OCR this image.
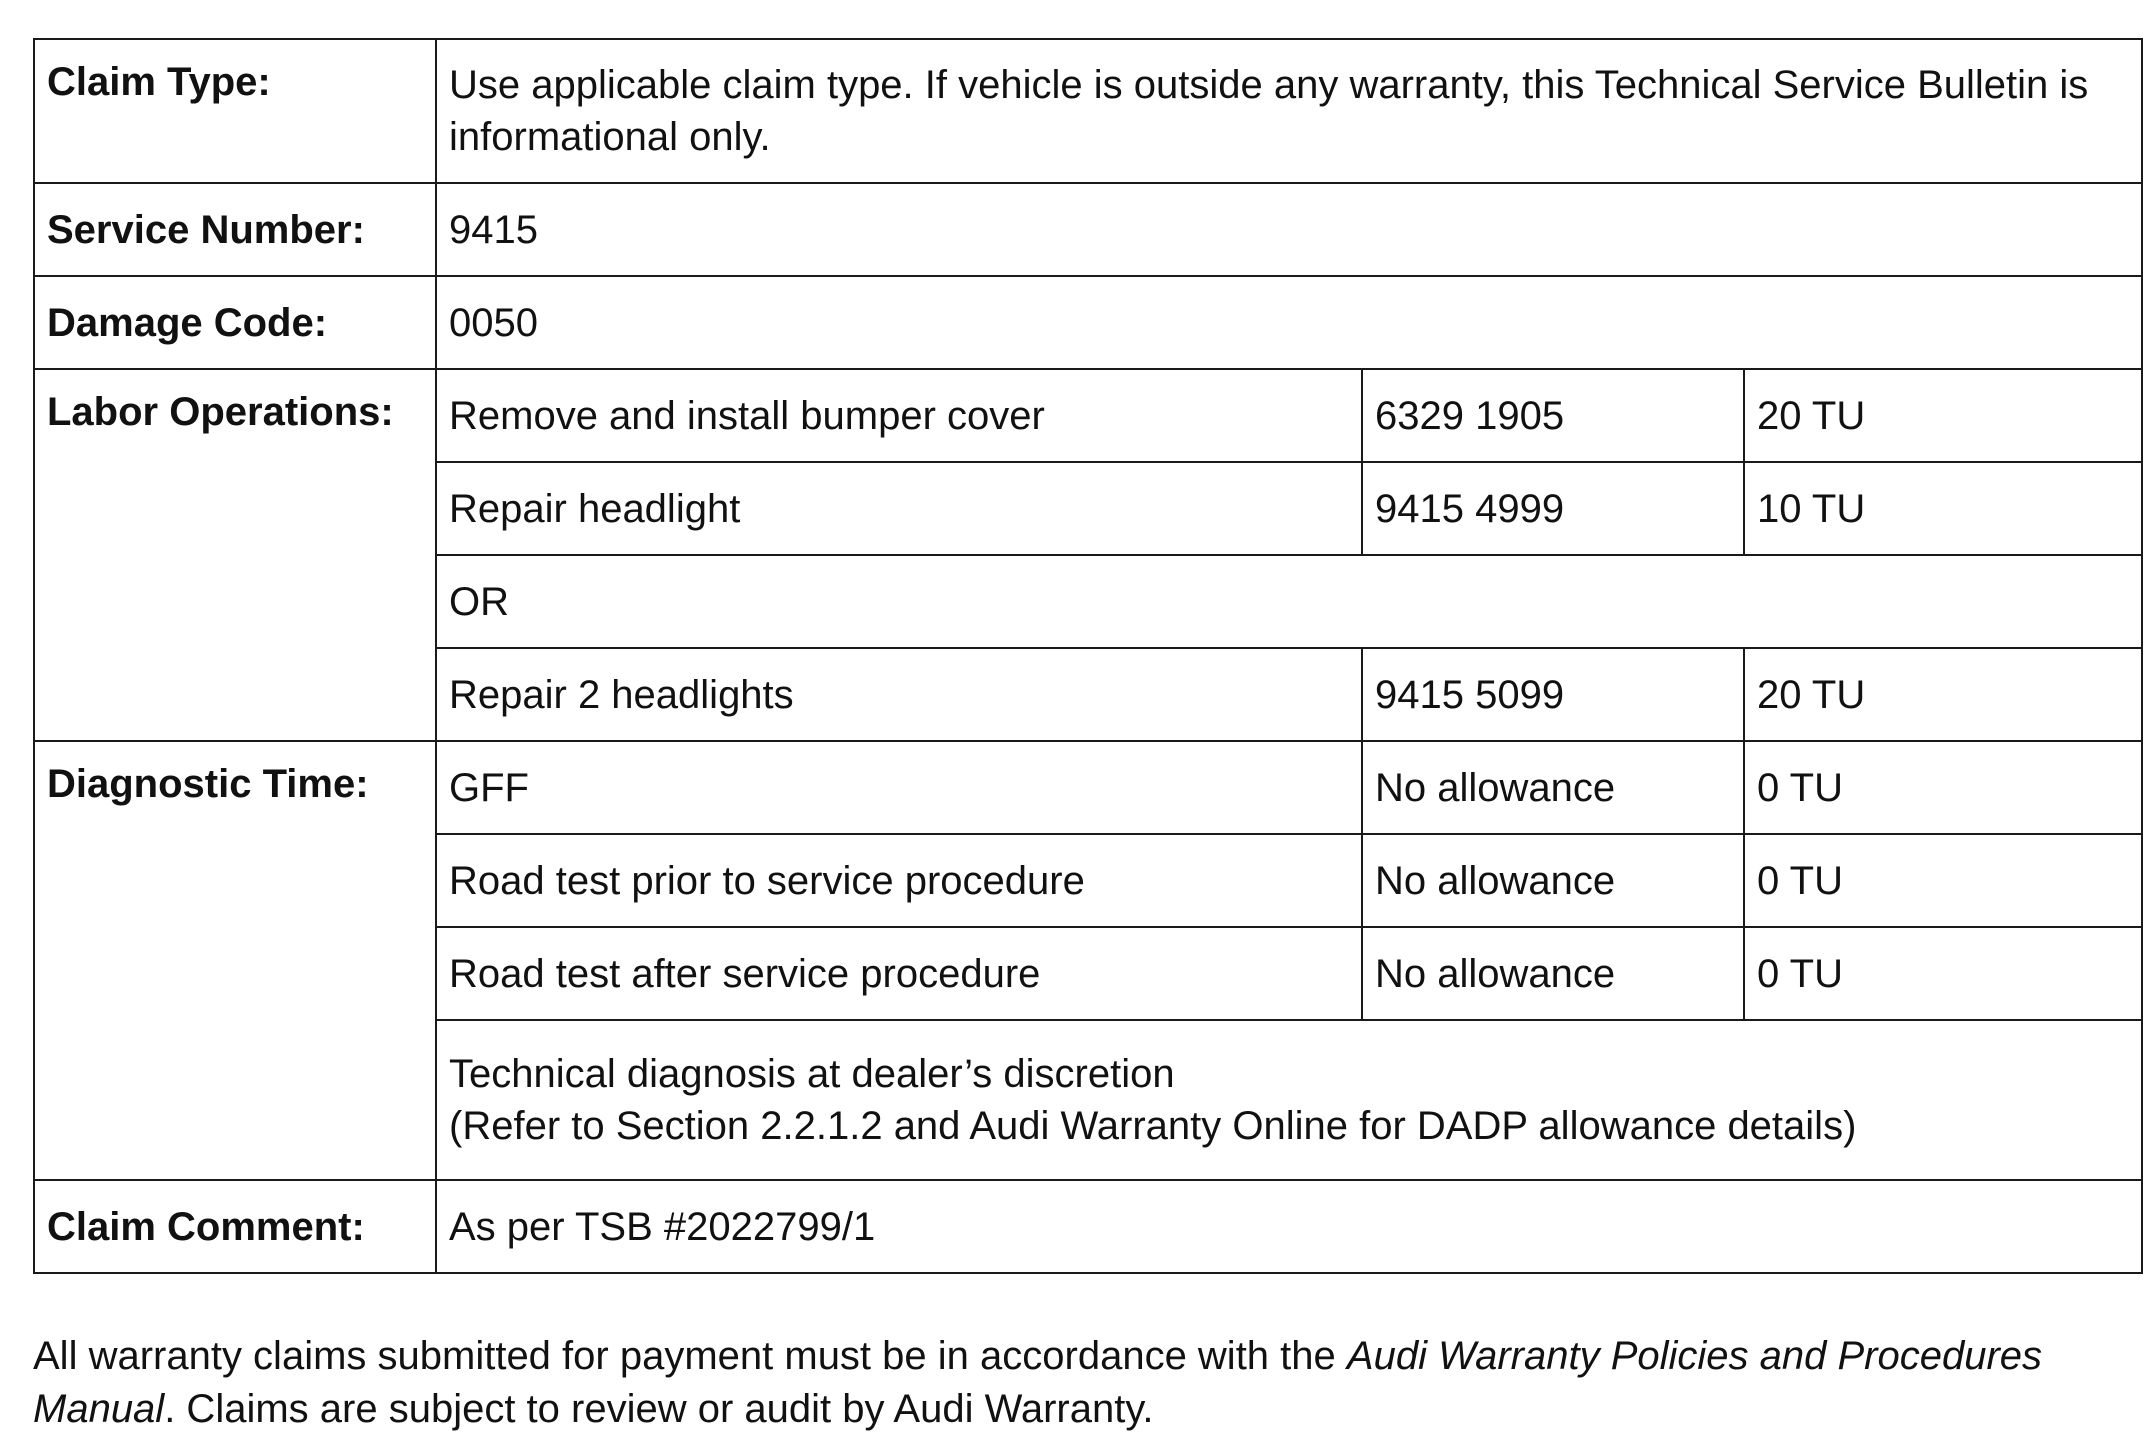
Claim Type:	Use applicable claim type. If vehicle is outside any warranty, this Technical Service Bulletin is informational only.		
Service Number:	9415		
Damage Code:	0050		
Labor Operations:	Remove and install bumper cover	6329 1905	20 TU
	Repair headlight	9415 4999	10 TU
	OR		
	Repair 2 headlights	9415 5099	20 TU
Diagnostic Time:	GFF	No allowance	0 TU
	Road test prior to service procedure	No allowance	0 TU
	Road test after service procedure	No allowance	0 TU

	Technical diagnosis at dealer’s discretion
(Refer to Section 2.2.1.2 and Audi Warranty Online for DADP allowance details)		

Claim Comment:	As per TSB #2022799/1		

All warranty claims submitted for payment must be in accordance with the Audi Warranty Policies and Procedures Manual. Claims are subject to review or audit by Audi Warranty.
